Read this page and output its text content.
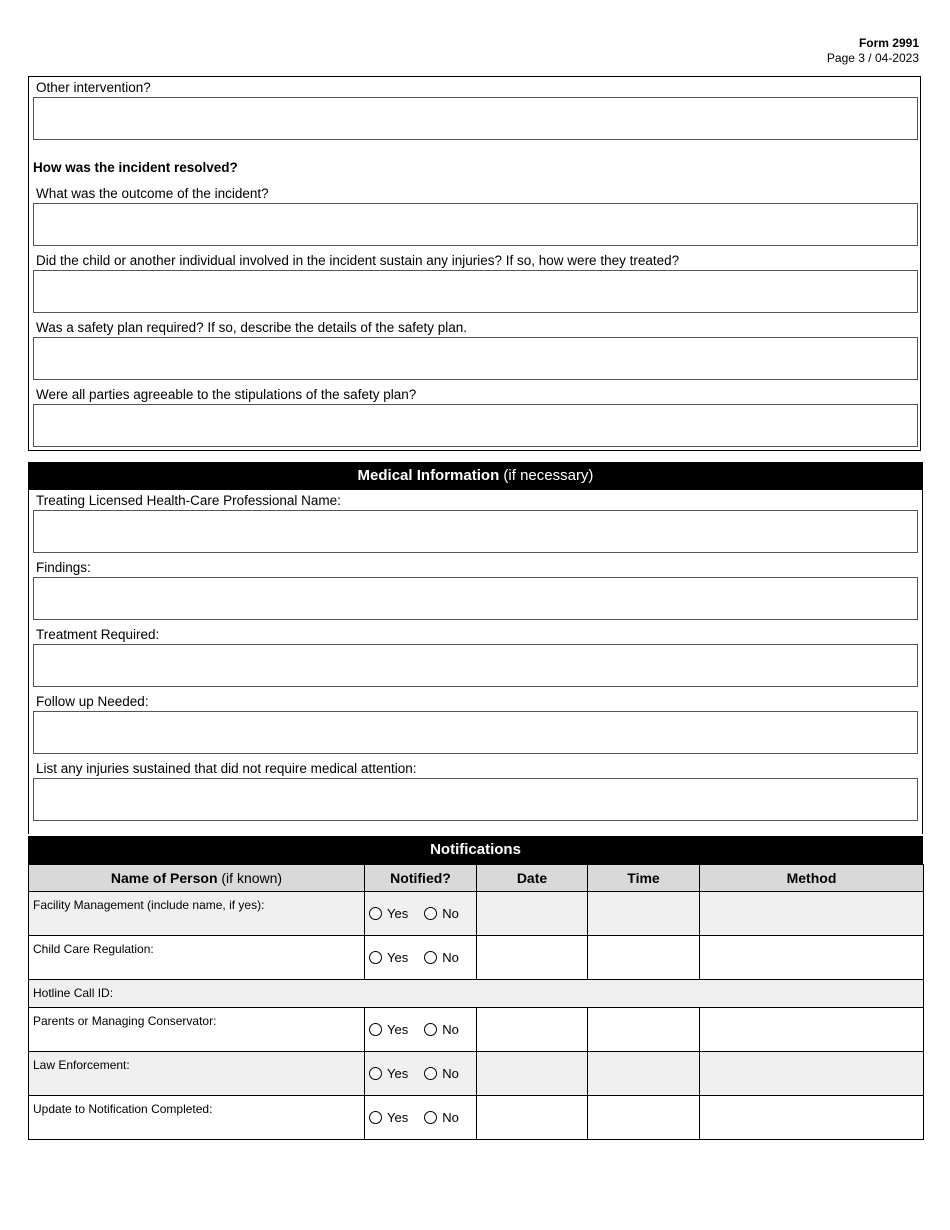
Form 2991
Page 3 / 04-2023
Other intervention?
How was the incident resolved?
What was the outcome of the incident?
Did the child or another individual involved in the incident sustain any injuries? If so, how were they treated?
Was a safety plan required? If so, describe the details of the safety plan.
Were all parties agreeable to the stipulations of the safety plan?
Medical Information (if necessary)
Treating Licensed Health-Care Professional Name:
Findings:
Treatment Required:
Follow up Needed:
List any injuries sustained that did not require medical attention:
Notifications
Name of Person (if known)	Notified?	Date	Time	Method
Facility Management (include name, if yes):	Yes No			

Child Care Regulation:	Yes No			

Hotline Call ID:				
Parents or Managing Conservator:	Yes No			

Law Enforcement:	Yes No			

Update to Notification Completed:	Yes No			
